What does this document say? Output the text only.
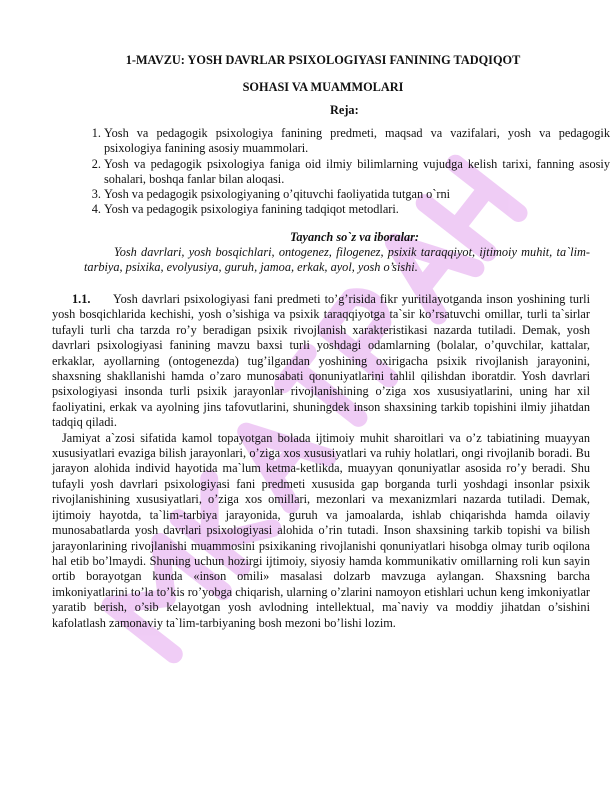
1-MAVZU: YOSH DAVRLAR PSIXOLOGIYASI FANINING TADQIQOT

SOHASI VA MUAMMOLARI

Reja:
1. Yosh va pedagogik psixologiya fanining predmeti, maqsad va vazifalari, yosh va pedagogik psixologiya fanining asosiy muammolari.
2. Yosh va pedagogik psixologiya faniga oid ilmiy bilimlarning vujudga kelish tarixi, fanning asosiy sohalari, boshqa fanlar bilan aloqasi.
3. Yosh va pedagogik psixologiyaning o’qituvchi faoliyatida tutgan o`rni
4. Yosh va pedagogik psixologiya fanining tadqiqot metodlari.
Tayanch so`z va iboralar:

Yosh davrlari, yosh bosqichlari, ontogenez, filogenez, psixik taraqqiyot, ijtimoiy muhit, ta`lim-tarbiya, psixika, evolyusiya, guruh, jamoa, erkak, ayol, yosh o’sishi.

1.1. Yosh davrlari psixologiyasi fani predmeti to’g’risida fikr yuritilayotganda inson yoshining turli yosh bosqichlarida kechishi, yosh o’sishiga va psixik taraqqiyotga ta`sir ko’rsatuvchi omillar, turli ta`sirlar tufayli turli cha tarzda ro’y beradigan psixik rivojlanish xarakteristikasi nazarda tutiladi. Demak, yosh davrlari psixologiyasi fanining mavzu baxsi turli yoshdagi odamlarning (bolalar, o’quvchilar, kattalar, erkaklar, ayollarning (ontogenezda) tug’ilgandan yoshining oxirigacha psixik rivojlanish jarayonini, shaxsning shakllanishi hamda o’zaro munosabati qonuniyatlarini tahlil qilishdan iboratdir. Yosh davrlari psixologiyasi insonda turli psixik jarayonlar rivojlanishining o’ziga xos xususiyatlarini, uning har xil faoliyatini, erkak va ayolning jins tafovutlarini, shuningdek inson shaxsining tarkib topishini ilmiy jihatdan tadqiq qiladi.

Jamiyat a`zosi sifatida kamol topayotgan bolada ijtimoiy muhit sharoitlari va o’z tabiatining muayyan xususiyatlari evaziga bilish jarayonlari, o’ziga xos xususiyatlari va ruhiy holatlari, ongi rivojlanib boradi. Bu jarayon alohida individ hayotida ma`lum ketma-ketlikda, muayyan qonuniyatlar asosida ro’y beradi. Shu tufayli yosh davrlari psixologiyasi fani predmeti xususida gap borganda turli yoshdagi insonlar psixik rivojlanishining xususiyatlari, o’ziga xos omillari, mezonlari va mexanizmlari nazarda tutiladi. Demak, ijtimoiy hayotda, ta`lim-tarbiya jarayonida, guruh va jamoalarda, ishlab chiqarishda hamda oilaviy munosabatlarda yosh davrlari psixologiyasi alohida o’rin tutadi. Inson shaxsining tarkib topishi va bilish jarayonlarining rivojlanishi muammosini psixikaning rivojlanishi qonuniyatlari hisobga olmay turib oqilona hal etib bo’lmaydi. Shuning uchun hozirgi ijtimoiy, siyosiy hamda kommunikativ omillarning roli kun sayin ortib borayotgan kunda «inson omili» masalasi dolzarb mavzuga aylangan. Shaxsning barcha imkoniyatlarini to’la to’kis ro’yobga chiqarish, ularning o’zlarini namoyon etishlari uchun keng imkoniyatlar yaratib berish, o’sib kelayotgan yosh avlodning intellektual, ma`naviy va moddiy jihatdan o’sishini kafolatlash zamonaviy ta`lim-tarbiyaning bosh mezoni bo’lishi lozim.
